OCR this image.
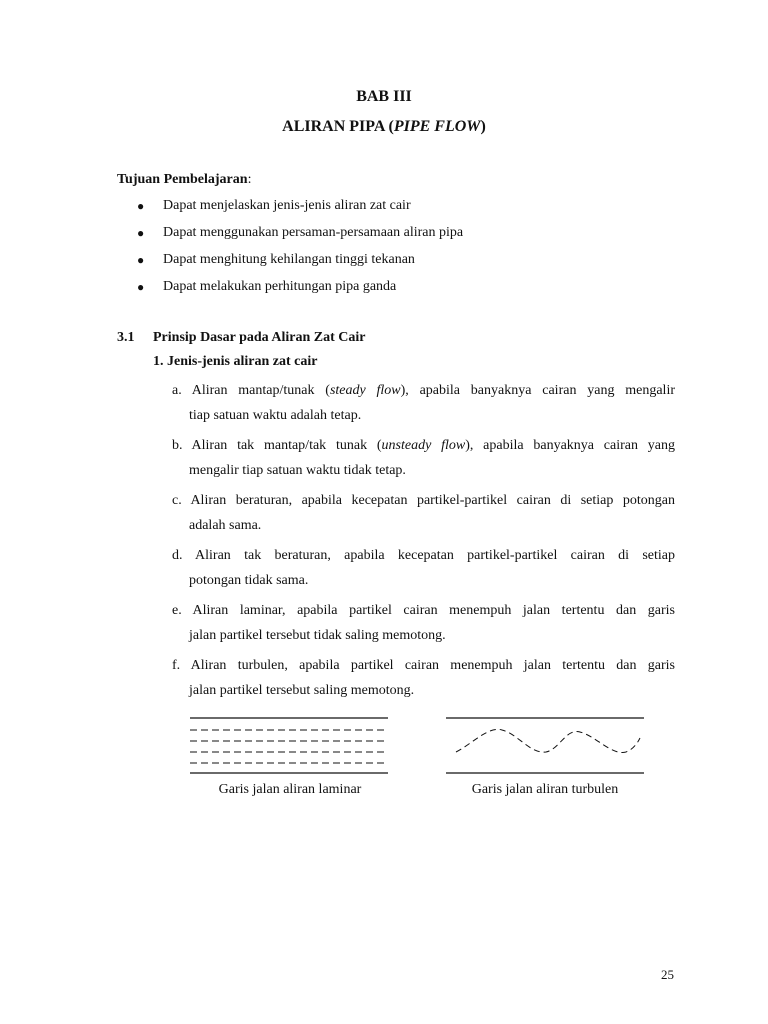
BAB III
ALIRAN PIPA (PIPE FLOW)
Tujuan Pembelajaran:
●	Dapat menjelaskan jenis-jenis aliran zat cair
●	Dapat menggunakan persaman-persamaan aliran pipa
●	Dapat menghitung kehilangan tinggi tekanan
●	Dapat melakukan perhitungan pipa ganda
3.1 Prinsip Dasar pada Aliran Zat Cair
1. Jenis-jenis aliran zat cair
a. Aliran mantap/tunak (steady flow), apabila banyaknya cairan yang mengalir
tiap satuan waktu adalah tetap.
b. Aliran tak mantap/tak tunak (unsteady flow), apabila banyaknya cairan yang
mengalir tiap satuan waktu tidak tetap.
c. Aliran beraturan, apabila kecepatan partikel-partikel cairan di setiap potongan
adalah sama.
d. Aliran tak beraturan, apabila kecepatan partikel-partikel cairan di setiap
potongan tidak sama.
e. Aliran laminar, apabila partikel cairan menempuh jalan tertentu dan garis
jalan partikel tersebut tidak saling memotong.
f. Aliran turbulen, apabila partikel cairan menempuh jalan tertentu dan garis
jalan partikel tersebut saling memotong.
Garis jalan aliran laminar	Garis jalan aliran turbulen
25
